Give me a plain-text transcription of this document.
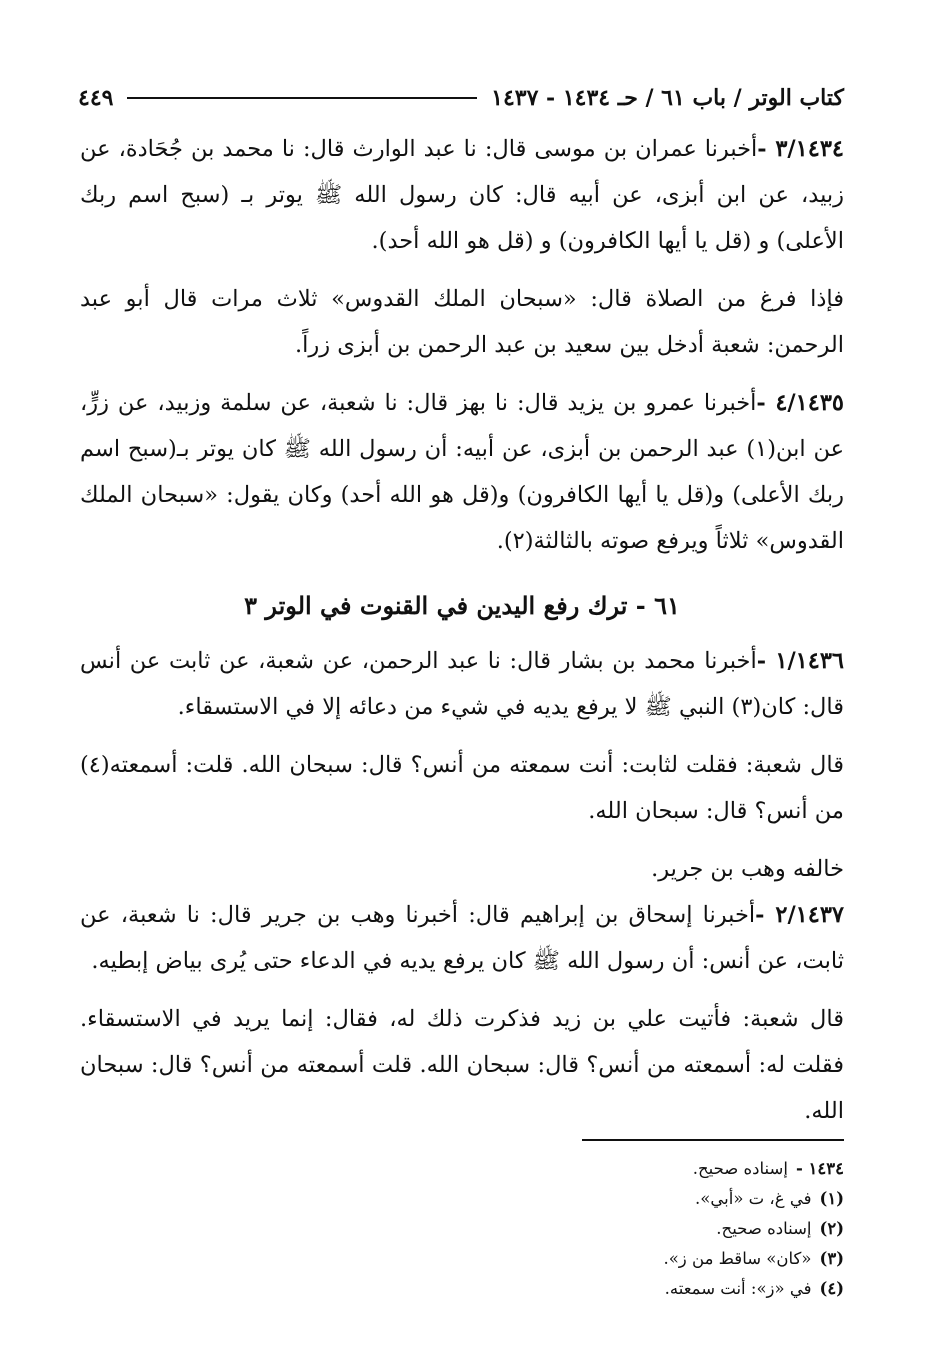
كتاب الوتر / باب ٦١ / حـ ١٤٣٤ - ١٤٣٧
٤٤٩

٣/١٤٣٤ -أخبرنا عمران بن موسى قال: نا عبد الوارث قال: نا محمد بن جُحَادة، عن زبيد، عن ابن أبزى، عن أبيه قال: كان رسول الله ﷺ يوتر بـ (سبح اسم ربك الأعلى) و (قل يا أيها الكافرون) و (قل هو الله أحد).

فإذا فرغ من الصلاة قال: «سبحان الملك القدوس» ثلاث مرات قال أبو عبد الرحمن: شعبة أدخل بين سعيد بن عبد الرحمن بن أبزى زراً.

٤/١٤٣٥ -أخبرنا عمرو بن يزيد قال: نا بهز قال: نا شعبة، عن سلمة وزبيد، عن زرٍّ، عن ابن(١) عبد الرحمن بن أبزى، عن أبيه: أن رسول الله ﷺ كان يوتر بـ(سبح اسم ربك الأعلى) و(قل يا أيها الكافرون) و(قل هو الله أحد) وكان يقول: «سبحان الملك القدوس» ثلاثاً ويرفع صوته بالثالثة(٢).

٦١ - ترك رفع اليدين في القنوت في الوتر ٣

١/١٤٣٦ -أخبرنا محمد بن بشار قال: نا عبد الرحمن، عن شعبة، عن ثابت عن أنس قال: كان(٣) النبي ﷺ لا يرفع يديه في شيء من دعائه إلا في الاستسقاء.

قال شعبة: فقلت لثابت: أنت سمعته من أنس؟ قال: سبحان الله. قلت: أسمعته(٤) من أنس؟ قال: سبحان الله.

خالفه وهب بن جرير.

٢/١٤٣٧ -أخبرنا إسحاق بن إبراهيم قال: أخبرنا وهب بن جرير قال: نا شعبة، عن ثابت، عن أنس: أن رسول الله ﷺ كان يرفع يديه في الدعاء حتى يُرى بياض إبطيه.

قال شعبة: فأتيت علي بن زيد فذكرت ذلك له، فقال: إنما يريد في الاستسقاء. فقلت له: أسمعته من أنس؟ قال: سبحان الله. قلت أسمعته من أنس؟ قال: سبحان الله.

١٤٣٤ -إسناده صحيح.

(١)في غ، ت «أبي».

(٢)إسناده صحيح.

(٣)«كان» ساقط من ز».

(٤)في «ز»: أنت سمعته.
